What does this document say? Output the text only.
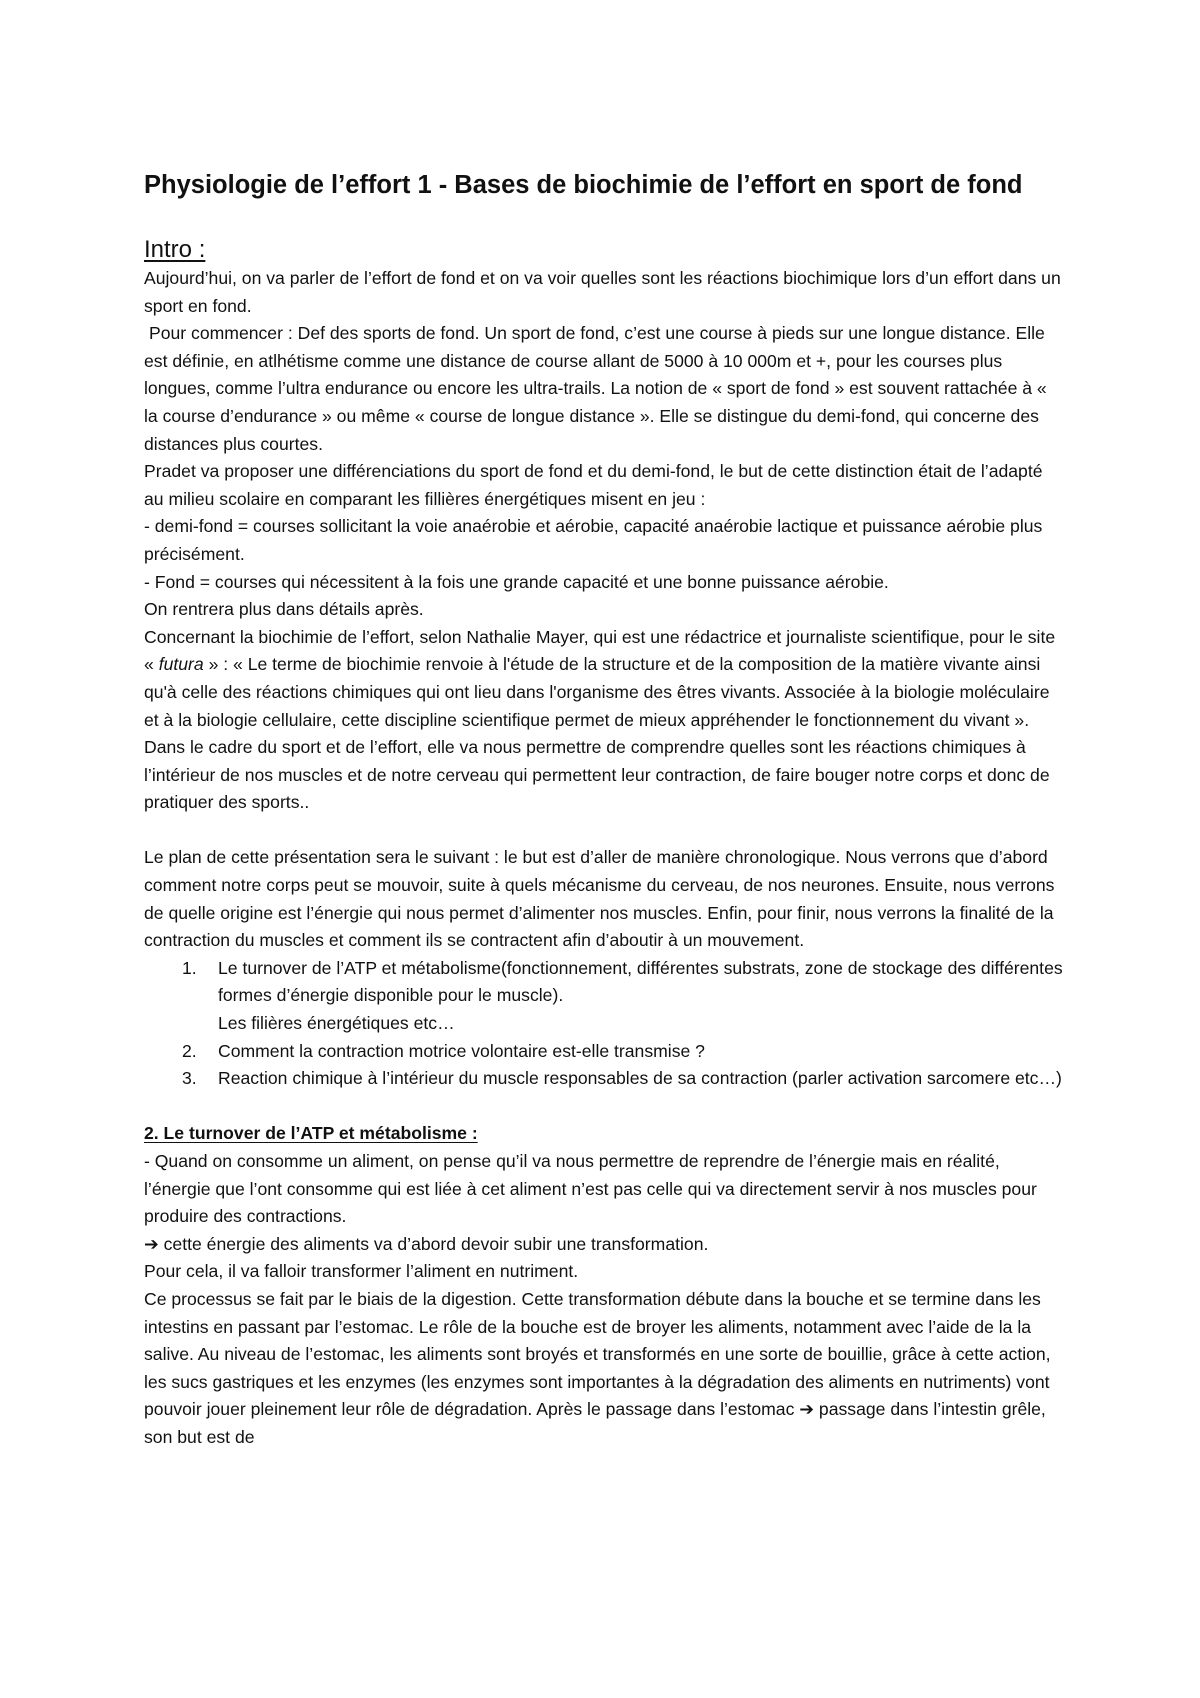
Physiologie de l’effort 1 - Bases de biochimie de l’effort en sport de fond
Intro :

Aujourd’hui, on va parler de l’effort de fond et on va voir quelles sont les réactions biochimique lors d’un effort dans un sport en fond.

Pour commencer : Def des sports de fond. Un sport de fond, c’est une course à pieds sur une longue distance. Elle est définie, en atlhétisme comme une distance de course allant de 5000 à 10 000m et +, pour les courses plus longues, comme l’ultra endurance ou encore les ultra-trails. La notion de « sport de fond » est souvent rattachée à « la course d’endurance » ou même « course de longue distance ». Elle se distingue du demi-fond, qui concerne des distances plus courtes.

Pradet va proposer une différenciations du sport de fond et du demi-fond, le but de cette distinction était de l’adapté au milieu scolaire en comparant les fillières énergétiques misent en jeu :

- demi-fond = courses sollicitant la voie anaérobie et aérobie, capacité anaérobie lactique et puissance aérobie plus précisément.

- Fond = courses qui nécessitent à la fois une grande capacité et une bonne puissance aérobie.

On rentrera plus dans détails après.

Concernant la biochimie de l’effort, selon Nathalie Mayer, qui est une rédactrice et journaliste scientifique, pour le site « futura » : « Le terme de biochimie renvoie à l'étude de la structure et de la composition de la matière vivante ainsi qu'à celle des réactions chimiques qui ont lieu dans l'organisme des êtres vivants. Associée à la biologie moléculaire et à la biologie cellulaire, cette discipline scientifique permet de mieux appréhender le fonctionnement du vivant ».

Dans le cadre du sport et de l’effort, elle va nous permettre de comprendre quelles sont les réactions chimiques à l’intérieur de nos muscles et de notre cerveau qui permettent leur contraction, de faire bouger notre corps et donc de pratiquer des sports..

Le plan de cette présentation sera le suivant : le but est d’aller de manière chronologique. Nous verrons que d’abord comment notre corps peut se mouvoir, suite à quels mécanisme du cerveau, de nos neurones. Ensuite, nous verrons de quelle origine est l’énergie qui nous permet d’alimenter nos muscles. Enfin, pour finir, nous verrons la finalité de la contraction du muscles et comment ils se contractent afin d’aboutir à un mouvement.

1. Le turnover de l’ATP et métabolisme(fonctionnement, différentes substrats, zone de stockage des différentes formes d’énergie disponible pour le muscle).
Les filières énergétiques etc…
2. Comment la contraction motrice volontaire est-elle transmise ?
3. Reaction chimique à l’intérieur du muscle responsables de sa contraction (parler activation sarcomere etc…)

2. Le turnover de l’ATP et métabolisme :

- Quand on consomme un aliment, on pense qu’il va nous permettre de reprendre de l’énergie mais en réalité, l’énergie que l’ont consomme qui est liée à cet aliment n’est pas celle qui va directement servir à nos muscles pour produire des contractions.

➔ cette énergie des aliments va d’abord devoir subir une transformation.

Pour cela, il va falloir transformer l’aliment en nutriment.

Ce processus se fait par le biais de la digestion. Cette transformation débute dans la bouche et se termine dans les intestins en passant par l’estomac. Le rôle de la bouche est de broyer les aliments, notamment avec l’aide de la la salive. Au niveau de l’estomac, les aliments sont broyés et transformés en une sorte de bouillie, grâce à cette action, les sucs gastriques et les enzymes (les enzymes sont importantes à la dégradation des aliments en nutriments) vont pouvoir jouer pleinement leur rôle de dégradation. Après le passage dans l’estomac ➔ passage dans l’intestin grêle, son but est de
